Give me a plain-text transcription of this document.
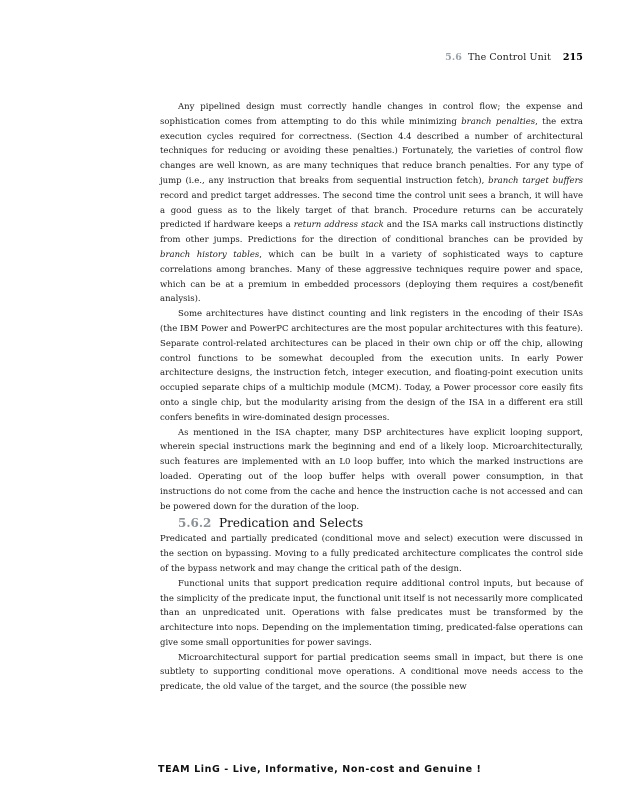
5.6 The Control Unit 215

Any pipelined design must correctly handle changes in control flow; the expense and sophistication comes from attempting to do this while minimizing branch penalties, the extra execution cycles required for correctness. (Section 4.4 described a number of architectural techniques for reducing or avoiding these penalties.) Fortunately, the varieties of control flow changes are well known, as are many techniques that reduce branch penalties. For any type of jump (i.e., any instruction that breaks from sequential instruction fetch), branch target buffers record and predict target addresses. The second time the control unit sees a branch, it will have a good guess as to the likely target of that branch. Procedure returns can be accurately predicted if hardware keeps a return address stack and the ISA marks call instructions distinctly from other jumps. Predictions for the direction of conditional branches can be provided by branch history tables, which can be built in a variety of sophisticated ways to capture correlations among branches. Many of these aggressive techniques require power and space, which can be at a premium in embedded processors (deploying them requires a cost/benefit analysis).

Some architectures have distinct counting and link registers in the encoding of their ISAs (the IBM Power and PowerPC architectures are the most popular architectures with this feature). Separate control-related architectures can be placed in their own chip or off the chip, allowing control functions to be somewhat decoupled from the execution units. In early Power architecture designs, the instruction fetch, integer execution, and floating-point execution units occupied separate chips of a multichip module (MCM). Today, a Power processor core easily fits onto a single chip, but the modularity arising from the design of the ISA in a different era still confers benefits in wire-dominated design processes.

As mentioned in the ISA chapter, many DSP architectures have explicit looping support, wherein special instructions mark the beginning and end of a likely loop. Microarchitecturally, such features are implemented with an L0 loop buffer, into which the marked instructions are loaded. Operating out of the loop buffer helps with overall power consumption, in that instructions do not come from the cache and hence the instruction cache is not accessed and can be powered down for the duration of the loop.

5.6.2 Predication and Selects

Predicated and partially predicated (conditional move and select) execution were discussed in the section on bypassing. Moving to a fully predicated architecture complicates the control side of the bypass network and may change the critical path of the design.

Functional units that support predication require additional control inputs, but because of the simplicity of the predicate input, the functional unit itself is not necessarily more complicated than an unpredicated unit. Operations with false predicates must be transformed by the architecture into nops. Depending on the implementation timing, predicated-false operations can give some small opportunities for power savings.

Microarchitectural support for partial predication seems small in impact, but there is one subtlety to supporting conditional move operations. A conditional move needs access to the predicate, the old value of the target, and the source (the possible new

TEAM LinG - Live, Informative, Non-cost and Genuine !
